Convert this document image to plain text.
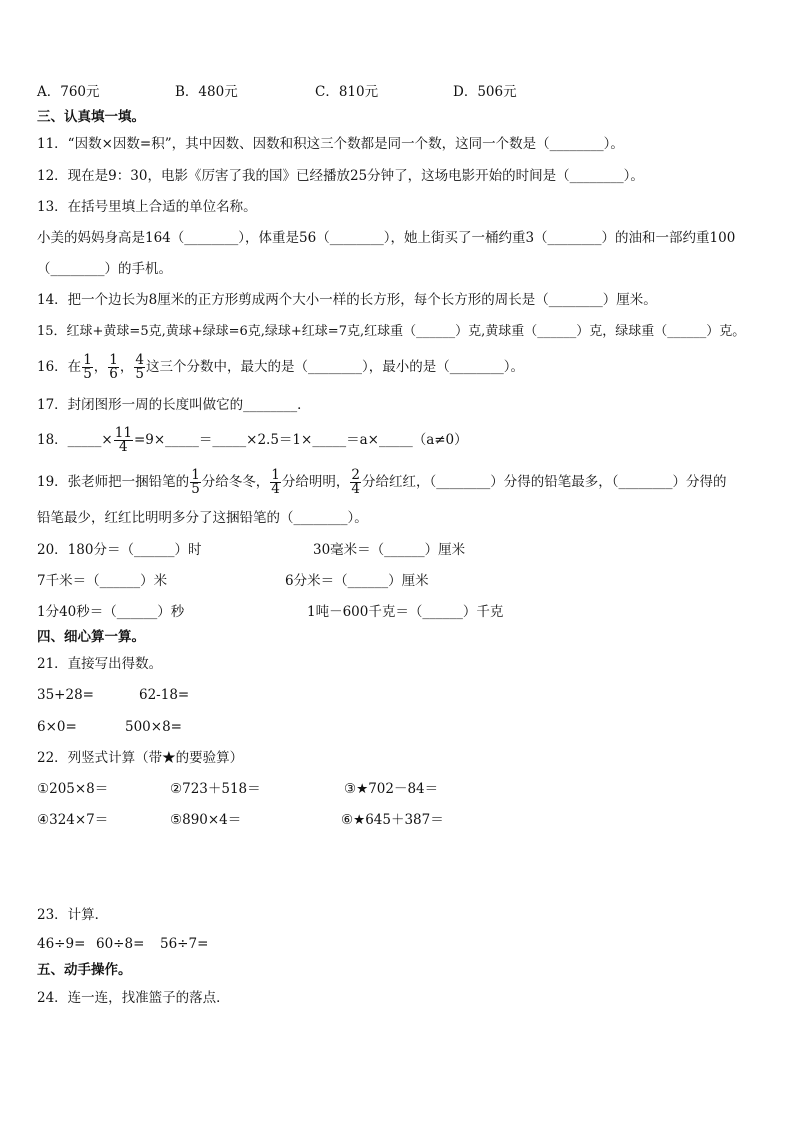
A．760元	B．480元	C．810元	D．506元
三、认真填一填。
11．“因数×因数=积”，其中因数、因数和积这三个数都是同一个数，这同一个数是（________）。
12．现在是9：30，电影《厉害了我的国》已经播放25分钟了，这场电影开始的时间是（________）。
13．在括号里填上合适的单位名称。
小美的妈妈身高是164（________），体重是56（________），她上街买了一桶约重3（________）的油和一部约重100
（________）的手机。
14．把一个边长为8厘米的正方形剪成两个大小一样的长方形，每个长方形的周长是（________）厘米。
15．红球+黄球=5克,黄球+绿球=6克,绿球+红球=7克,红球重（______）克,黄球重（______）克，绿球重（______）克。
16．在 $\frac{1}{5}$ ， $\frac{1}{6}$ ， $\frac{4}{5}$ 这三个分数中，最大的是（________），最小的是（________）。
17．封闭图形一周的长度叫做它的________．
18．_____× $\frac{11}{4}$ =9×_____＝_____×2.5＝1×_____＝a×_____（a≠0）
19．张老师把一捆铅笔的 $\frac{1}{5}$ 分给冬冬， $\frac{1}{4}$ 分给明明， $\frac{2}{4}$ 分给红红，（________）分得的铅笔最多，（________）分得的
铅笔最少，红红比明明多分了这捆铅笔的（________）。
20．180分＝（______）时	30毫米＝（______）厘米
7千米＝（______）米	6分米＝（______）厘米
1分40秒＝（______）秒	1吨－600千克＝（______）千克
四、细心算一算。
21．直接写出得数。
35+28=	62-18=
6×0=	500×8=
22．列竖式计算（带★的要验算）
①205×8＝	②723＋518＝	③★702－84＝
④324×7＝	⑤890×4＝	⑥★645＋387＝
23．计算．
46÷9= 60÷8= 56÷7=
五、动手操作。
24．连一连，找准篮子的落点．
